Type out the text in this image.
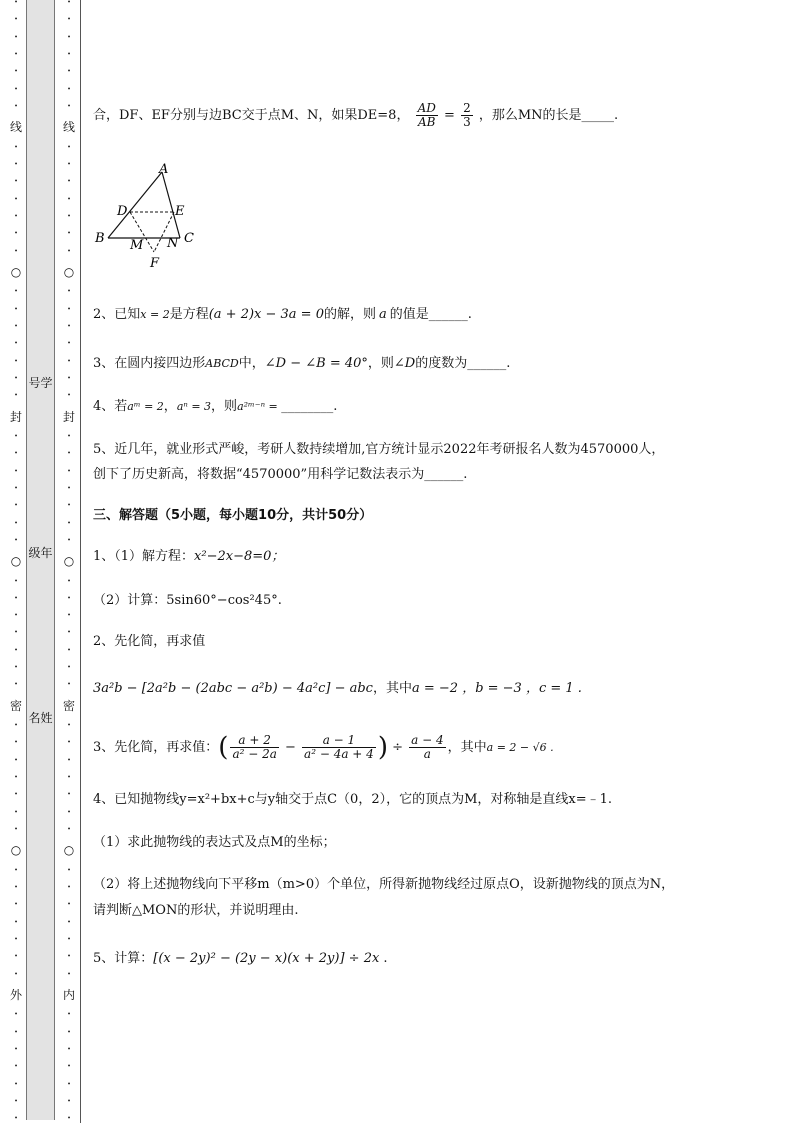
•
•
•
•
•
•
•
线
•
•
•
•
•
•
•
○
•
•
•
•
•
•
•
封
•
•
•
•
•
•
•
○
•
•
•
•
•
•
•
密
•
•
•
•
•
•
•
○
•
•
•
•
•
•
•
外
•
•
•
•
•
•
•
号学
级年
名姓
•
•
•
•
•
•
•
线
•
•
•
•
•
•
•
○
•
•
•
•
•
•
•
封
•
•
•
•
•
•
•
○
•
•
•
•
•
•
•
密
•
•
•
•
•
•
•
○
•
•
•
•
•
•
•
内
•
•
•
•
•
•
•
合，DF、EF分别与边BC交于点M、N，如果DE=8， $\frac{AD}{AB} = \frac{2}{3}$ ，那么MN的长是_____.
A
D	E
B M N C
F
2、已知x = 2是方程(a + 2)x − 3a = 0的解，则 a 的值是______.
3、在圆内接四边形ABCD中，∠D − ∠B = 40°，则∠D的度数为______.
4、若aᵐ = 2，aⁿ = 3，则a²ᵐ⁻ⁿ = ________.
5、近几年，就业形式严峻，考研人数持续增加,官方统计显示2022年考研报名人数为4570000人，
创下了历史新高，将数据“4570000”用科学记数法表示为______.
三、解答题（5小题，每小题10分，共计50分）
1、（1）解方程：x²−2x−8=0；
（2）计算：5sin60°−cos²45°.
2、先化简，再求值
3a²b − [2a²b − (2abc − a²b) − 4a²c] − abc，其中a = −2 ，b = −3 ，c = 1 .
3、先化简，再求值：( $\frac{a + 2}{\text{a² − 2a}} - \frac{a - 1}{\text{a² − 4a + 4}}$ ) ÷ $\frac{a - 4}{a}$ ，其中a = 2 − √6 .
4、已知抛物线y=x²+bx+c与y轴交于点C（0，2），它的顶点为M，对称轴是直线x=﹣1.
（1）求此抛物线的表达式及点M的坐标；
（2）将上述抛物线向下平移m（m>0）个单位，所得新抛物线经过原点O，设新抛物线的顶点为N，
请判断△MON的形状，并说明理由.
5、计算：[(x − 2y)² − (2y − x)(x + 2y)] ÷ 2x .
